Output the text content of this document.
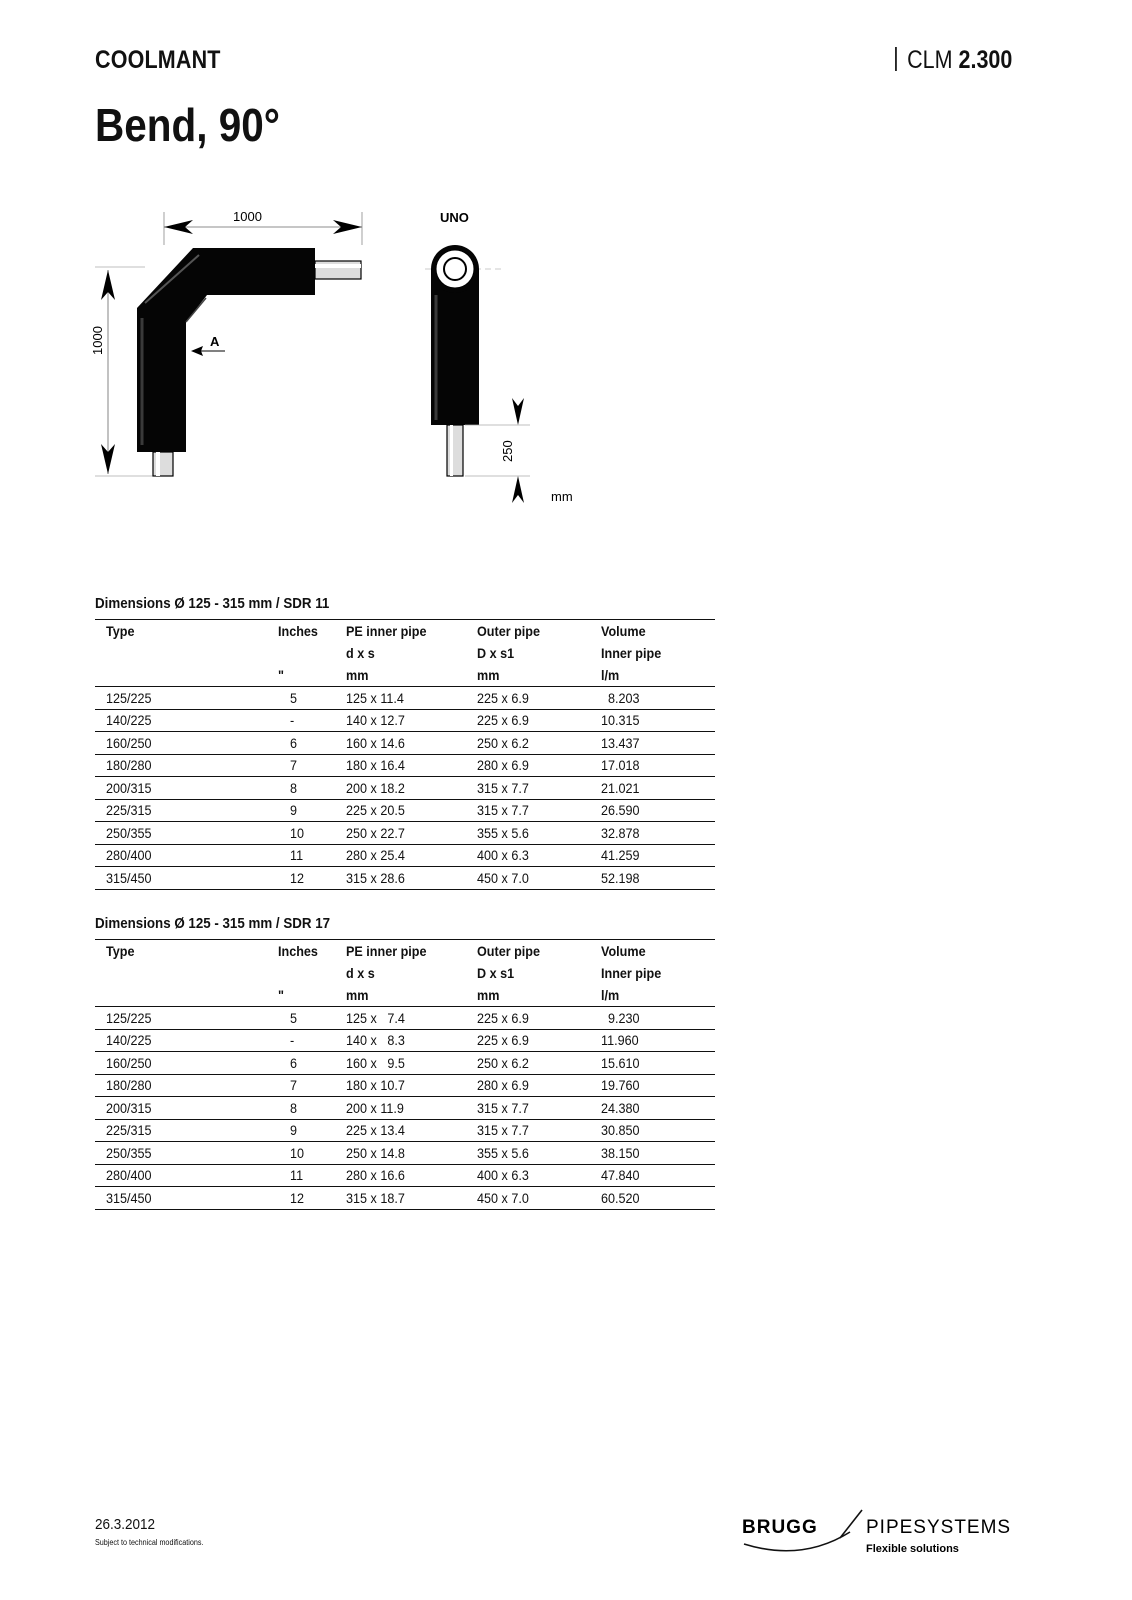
COOLMANT	CLM 2.300
Bend, 90°
1000
1000	A
UNO
250
mm
Dimensions Ø 125 - 315 mm / SDR 11
Type	Inches	PE inner pipe	Outer pipe	Volume
		d x s	D x s1	Inner pipe
	"	mm	mm	l/m
125/225	5	125 x 11.4	225 x 6.9	8.203
140/225	-	140 x 12.7	225 x 6.9	10.315
160/250	6	160 x 14.6	250 x 6.2	13.437
180/280	7	180 x 16.4	280 x 6.9	17.018
200/315	8	200 x 18.2	315 x 7.7	21.021
225/315	9	225 x 20.5	315 x 7.7	26.590
250/355	10	250 x 22.7	355 x 5.6	32.878
280/400	11	280 x 25.4	400 x 6.3	41.259
315/450	12	315 x 28.6	450 x 7.0	52.198
Dimensions Ø 125 - 315 mm / SDR 17
Type	Inches	PE inner pipe	Outer pipe	Volume
		d x s	D x s1	Inner pipe
	"	mm	mm	l/m
125/225	5	125 x   7.4	225 x 6.9	9.230
140/225	-	140 x   8.3	225 x 6.9	11.960
160/250	6	160 x   9.5	250 x 6.2	15.610
180/280	7	180 x 10.7	280 x 6.9	19.760
200/315	8	200 x 11.9	315 x 7.7	24.380
225/315	9	225 x 13.4	315 x 7.7	30.850
250/355	10	250 x 14.8	355 x 5.6	38.150
280/400	11	280 x 16.6	400 x 6.3	47.840
315/450	12	315 x 18.7	450 x 7.0	60.520
26.3.2012
Subject to technical modifications.
BRUGG	PIPESYSTEMS
Flexible solutions
